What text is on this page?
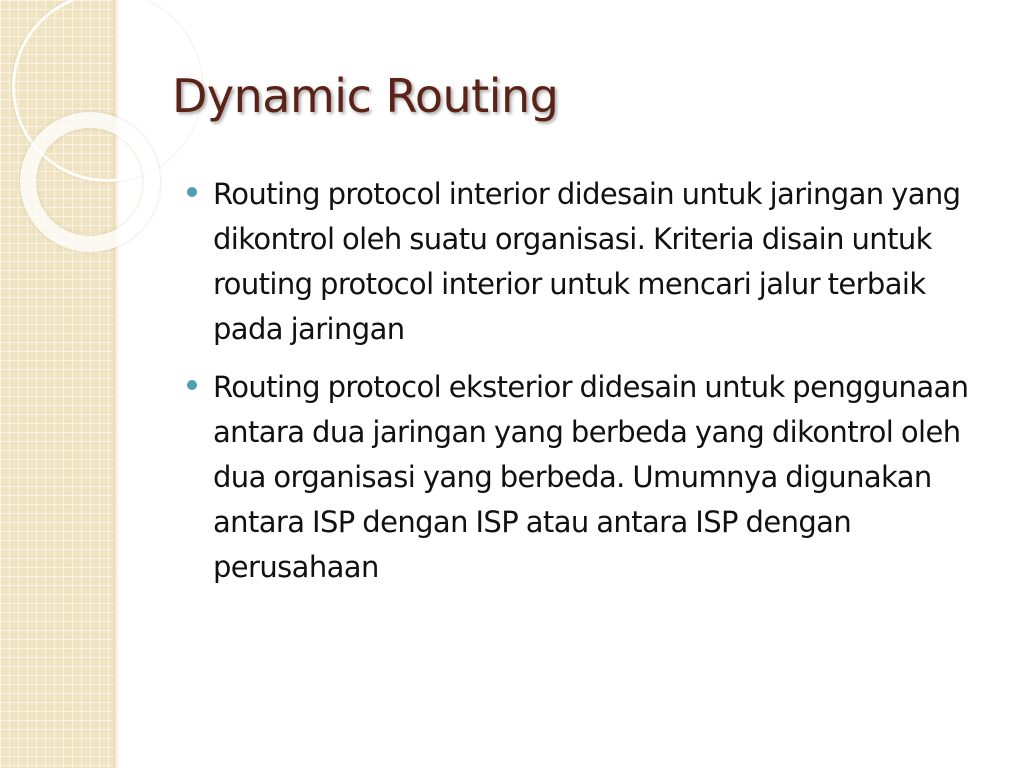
Dynamic Routing
Routing protocol interior didesain untuk jaringan yang dikontrol oleh suatu organisasi. Kriteria disain untuk routing protocol interior untuk mencari jalur terbaik pada jaringan
Routing protocol eksterior didesain untuk penggunaan antara dua jaringan yang berbeda yang dikontrol oleh dua organisasi yang berbeda. Umumnya digunakan antara ISP dengan ISP atau antara ISP dengan perusahaan
